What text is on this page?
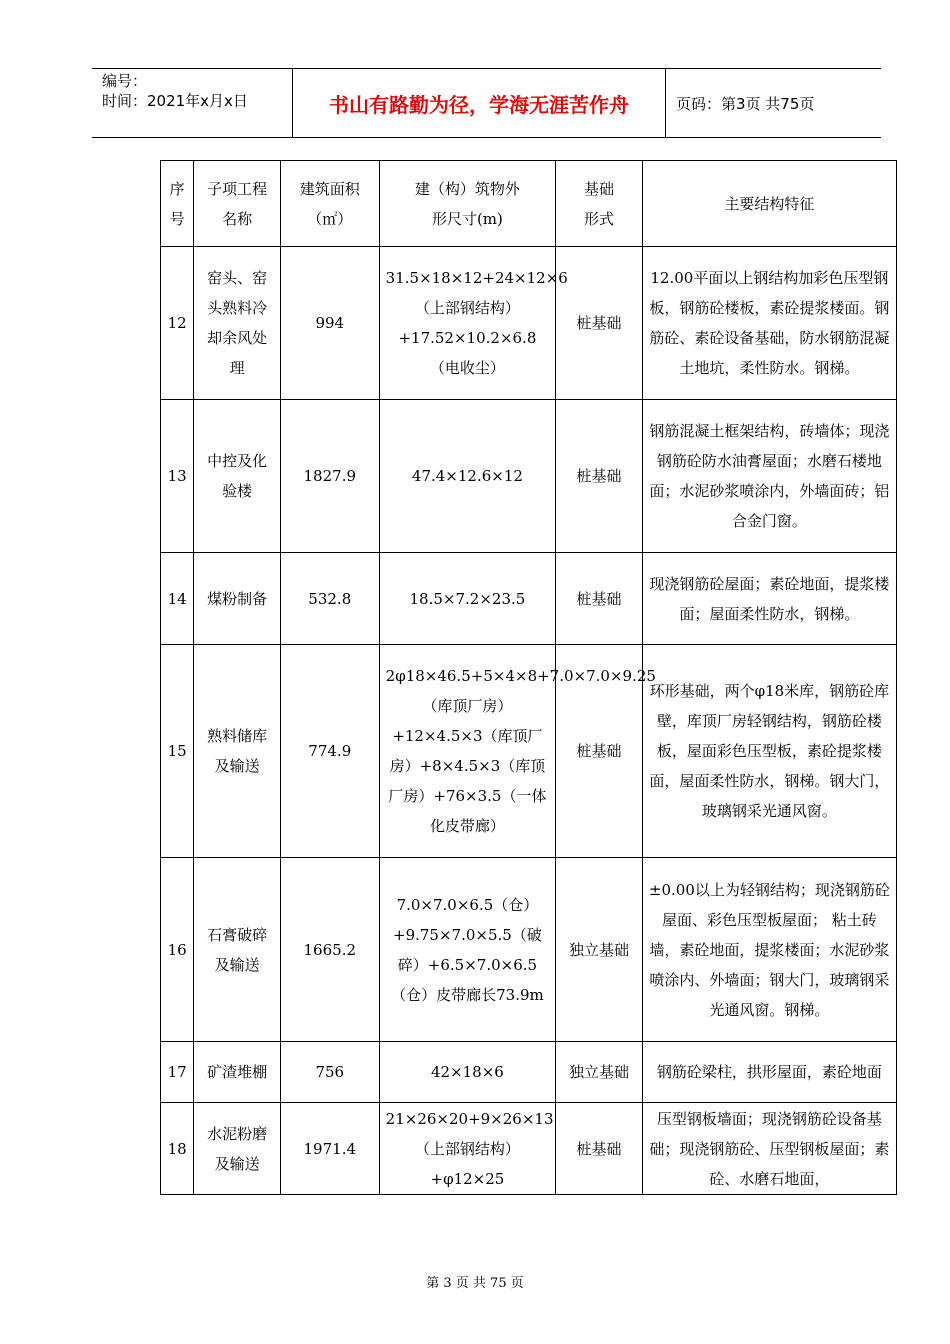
编号：
时间：2021年x月x日	书山有路勤为径，学海无涯苦作舟	页码：第3页 共75页
序号	子项工程名称	建筑面积（㎡）	建（构）筑物外形尺寸(m)	基础形式	主要结构特征
12	窑头、窑头熟料冷却余风处理	994	31.5×18×12+24×12×6（上部钢结构）+17.52×10.2×6.8（电收尘）	桩基础	12.00平面以上钢结构加彩色压型钢板，钢筋砼楼板，素砼提浆楼面。钢筋砼、素砼设备基础，防水钢筋混凝土地坑，柔性防水。钢梯。
13	中控及化验楼	1827.9	47.4×12.6×12	桩基础	钢筋混凝土框架结构，砖墙体；现浇钢筋砼防水油膏屋面；水磨石楼地面；水泥砂浆喷涂内，外墙面砖；铝合金门窗。
14	煤粉制备	532.8	18.5×7.2×23.5	桩基础	现浇钢筋砼屋面；素砼地面，提浆楼面；屋面柔性防水，钢梯。
15	熟料储库及输送	774.9	2φ18×46.5+5×4×8+7.0×7.0×9.25（库顶厂房）+12×4.5×3（库顶厂房）+8×4.5×3（库顶厂房）+76×3.5（一体化皮带廊）	桩基础	环形基础，两个φ18米库，钢筋砼库壁，库顶厂房轻钢结构，钢筋砼楼板，屋面彩色压型板，素砼提浆楼面，屋面柔性防水，钢梯。钢大门，玻璃钢采光通风窗。
16	石膏破碎及输送	1665.2	7.0×7.0×6.5（仓）+9.75×7.0×5.5（破碎）+6.5×7.0×6.5（仓）皮带廊长73.9m	独立基础	±0.00以上为轻钢结构；现浇钢筋砼屋面、彩色压型板屋面； 粘土砖墙，素砼地面，提浆楼面；水泥砂浆喷涂内、外墙面；钢大门，玻璃钢采光通风窗。钢梯。
17	矿渣堆棚	756	42×18×6	独立基础	钢筋砼梁柱，拱形屋面，素砼地面
18	水泥粉磨及输送	1971.4	21×26×20+9×26×13（上部钢结构） +φ12×25	桩基础	压型钢板墙面；现浇钢筋砼设备基础；现浇钢筋砼、压型钢板屋面；素砼、水磨石地面，
第 3 页 共 75 页
